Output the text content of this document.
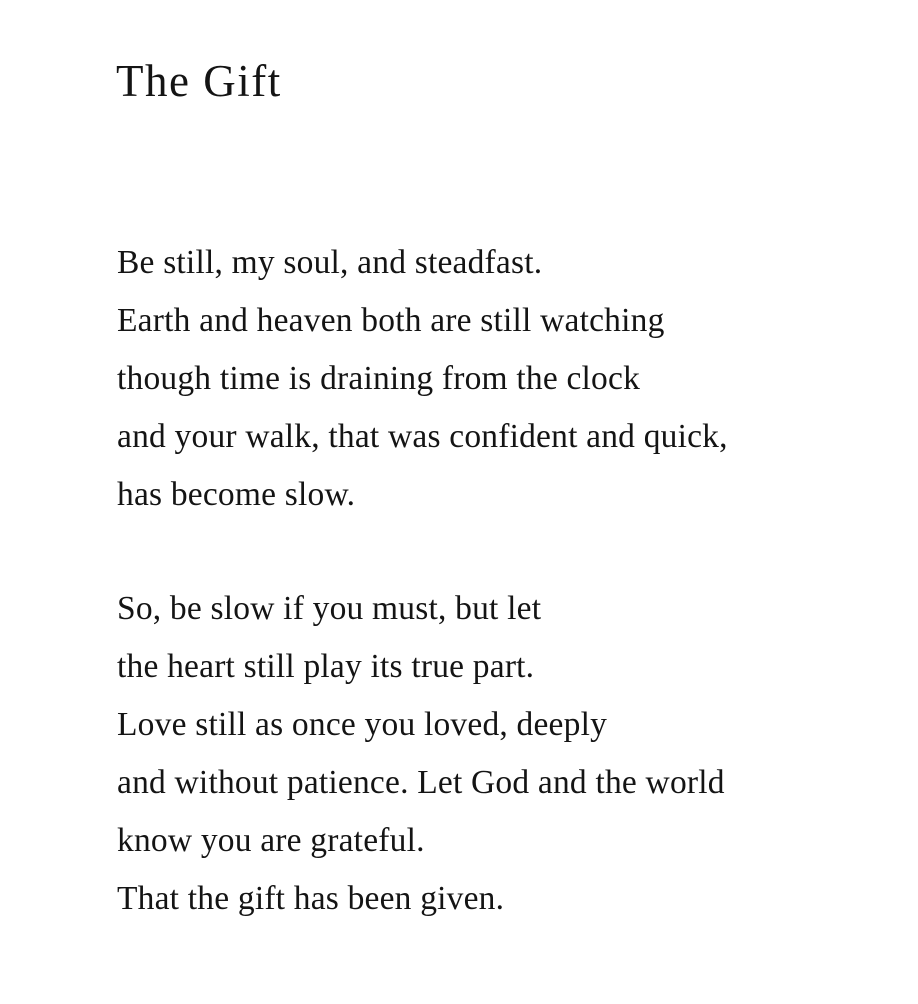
The Gift
Be still, my soul, and steadfast.
Earth and heaven both are still watching
though time is draining from the clock
and your walk, that was confident and quick,
has become slow.
So, be slow if you must, but let
the heart still play its true part.
Love still as once you loved, deeply
and without patience. Let God and the world
know you are grateful.
That the gift has been given.
